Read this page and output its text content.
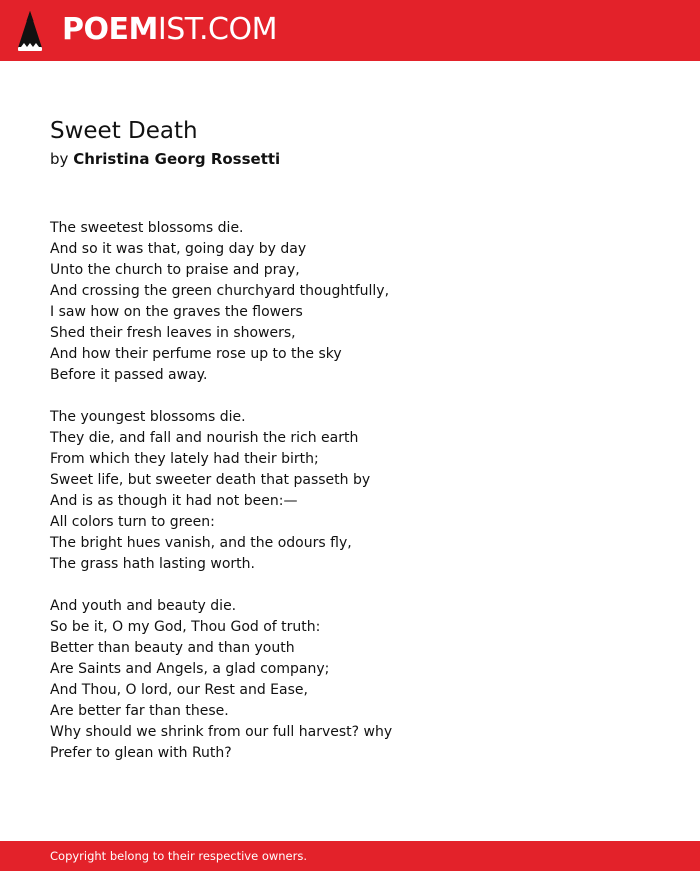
POEMIST.COM
Sweet Death
by Christina Georg Rossetti
The sweetest blossoms die.
And so it was that, going day by day
Unto the church to praise and pray,
And crossing the green churchyard thoughtfully,
I saw how on the graves the flowers
Shed their fresh leaves in showers,
And how their perfume rose up to the sky
Before it passed away.
The youngest blossoms die.
They die, and fall and nourish the rich earth
From which they lately had their birth;
Sweet life, but sweeter death that passeth by
And is as though it had not been:—
All colors turn to green:
The bright hues vanish, and the odours fly,
The grass hath lasting worth.
And youth and beauty die.
So be it, O my God, Thou God of truth:
Better than beauty and than youth
Are Saints and Angels, a glad company;
And Thou, O lord, our Rest and Ease,
Are better far than these.
Why should we shrink from our full harvest? why
Prefer to glean with Ruth?
Copyright belong to their respective owners.
